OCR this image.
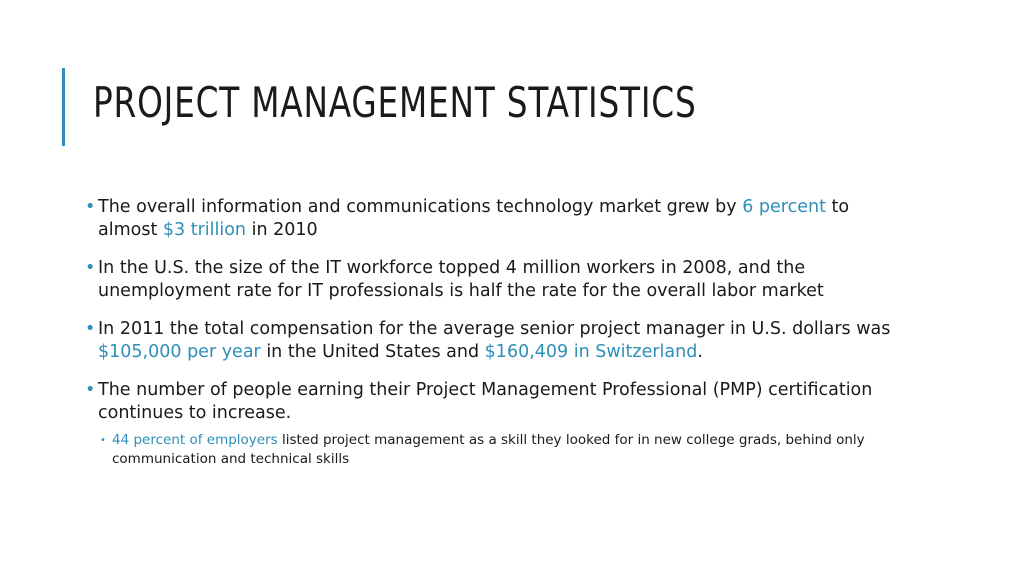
PROJECT MANAGEMENT STATISTICS
• The overall information and communications technology market grew by 6 percent to almost $3 trillion in 2010
• In the U.S. the size of the IT workforce topped 4 million workers in 2008, and the unemployment rate for IT professionals is half the rate for the overall labor market
• In 2011 the total compensation for the average senior project manager in U.S. dollars was $105,000 per year in the United States and $160,409 in Switzerland.
• The number of people earning their Project Management Professional (PMP) certification continues to increase.
• 44 percent of employers listed project management as a skill they looked for in new college grads, behind only communication and technical skills
